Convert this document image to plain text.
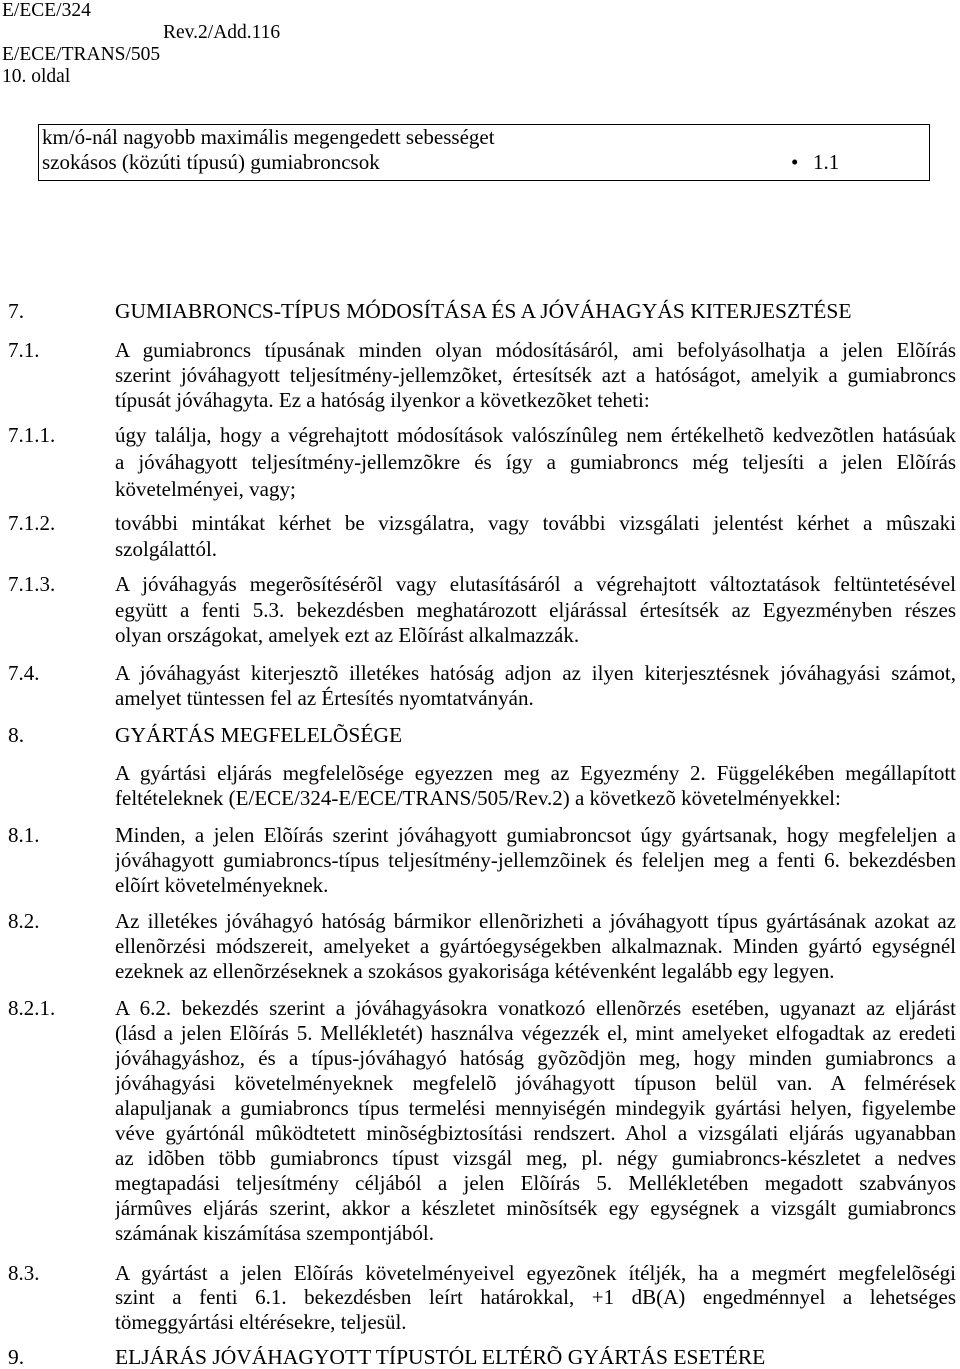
E/ECE/324
Rev.2/Add.116
E/ECE/TRANS/505
10. oldal
km/ó-nál nagyobb maximális megengedett sebességet
szokásos (közúti típusú) gumiabroncsok	• 1.1
7.	GUMIABRONCS-TÍPUS MÓDOSÍTÁSA ÉS A JÓVÁHAGYÁS KITERJESZTÉSE
7.1.	A gumiabroncs típusának minden olyan módosításáról, ami befolyásolhatja a jelen Elõírás
szerint jóváhagyott teljesítmény-jellemzõket, értesítsék azt a hatóságot, amelyik a gumiabroncs
típusát jóváhagyta. Ez a hatóság ilyenkor a következõket teheti:
7.1.1.	úgy találja, hogy a végrehajtott módosítások valószínûleg nem értékelhetõ kedvezõtlen hatásúak
a jóváhagyott teljesítmény-jellemzõkre és így a gumiabroncs még teljesíti a jelen Elõírás
követelményei, vagy;
7.1.2.	további mintákat kérhet be vizsgálatra, vagy további vizsgálati jelentést kérhet a mûszaki
szolgálattól.
7.1.3.	A jóváhagyás megerõsítésérõl vagy elutasításáról a végrehajtott változtatások feltüntetésével
együtt a fenti 5.3. bekezdésben meghatározott eljárással értesítsék az Egyezményben részes
olyan országokat, amelyek ezt az Elõírást alkalmazzák.
7.4.	A jóváhagyást kiterjesztõ illetékes hatóság adjon az ilyen kiterjesztésnek jóváhagyási számot,
amelyet tüntessen fel az Értesítés nyomtatványán.
8.	GYÁRTÁS MEGFELELÕSÉGE
A gyártási eljárás megfelelõsége egyezzen meg az Egyezmény 2. Függelékében megállapított
feltételeknek (E/ECE/324-E/ECE/TRANS/505/Rev.2) a következõ követelményekkel:
8.1.	Minden, a jelen Elõírás szerint jóváhagyott gumiabroncsot úgy gyártsanak, hogy megfeleljen a
jóváhagyott gumiabroncs-típus teljesítmény-jellemzõinek és feleljen meg a fenti 6. bekezdésben
elõírt követelményeknek.
8.2.	Az illetékes jóváhagyó hatóság bármikor ellenõrizheti a jóváhagyott típus gyártásának azokat az
ellenõrzési módszereit, amelyeket a gyártóegységekben alkalmaznak. Minden gyártó egységnél
ezeknek az ellenõrzéseknek a szokásos gyakorisága kétévenként legalább egy legyen.
8.2.1.	A 6.2. bekezdés szerint a jóváhagyásokra vonatkozó ellenõrzés esetében, ugyanazt az eljárást
(lásd a jelen Elõírás 5. Mellékletét) használva végezzék el, mint amelyeket elfogadtak az eredeti
jóváhagyáshoz, és a típus-jóváhagyó hatóság gyõzõdjön meg, hogy minden gumiabroncs a
jóváhagyási követelményeknek megfelelõ jóváhagyott típuson belül van. A felmérések
alapuljanak a gumiabroncs típus termelési mennyiségén mindegyik gyártási helyen, figyelembe
véve gyártónál mûködtetett minõségbiztosítási rendszert. Ahol a vizsgálati eljárás ugyanabban
az idõben több gumiabroncs típust vizsgál meg, pl. négy gumiabroncs-készletet a nedves
megtapadási teljesítmény céljából a jelen Elõírás 5. Mellékletében megadott szabványos
jármûves eljárás szerint, akkor a készletet minõsítsék egy egységnek a vizsgált gumiabroncs
számának kiszámítása szempontjából.
8.3.	A gyártást a jelen Elõírás követelményeivel egyezõnek ítéljék, ha a megmért megfelelõségi
szint a fenti 6.1. bekezdésben leírt határokkal, +1 dB(A) engedménnyel a lehetséges
tömeggyártási eltérésekre, teljesül.
9.	ELJÁRÁS JÓVÁHAGYOTT TÍPUSTÓL ELTÉRÕ GYÁRTÁS ESETÉRE
